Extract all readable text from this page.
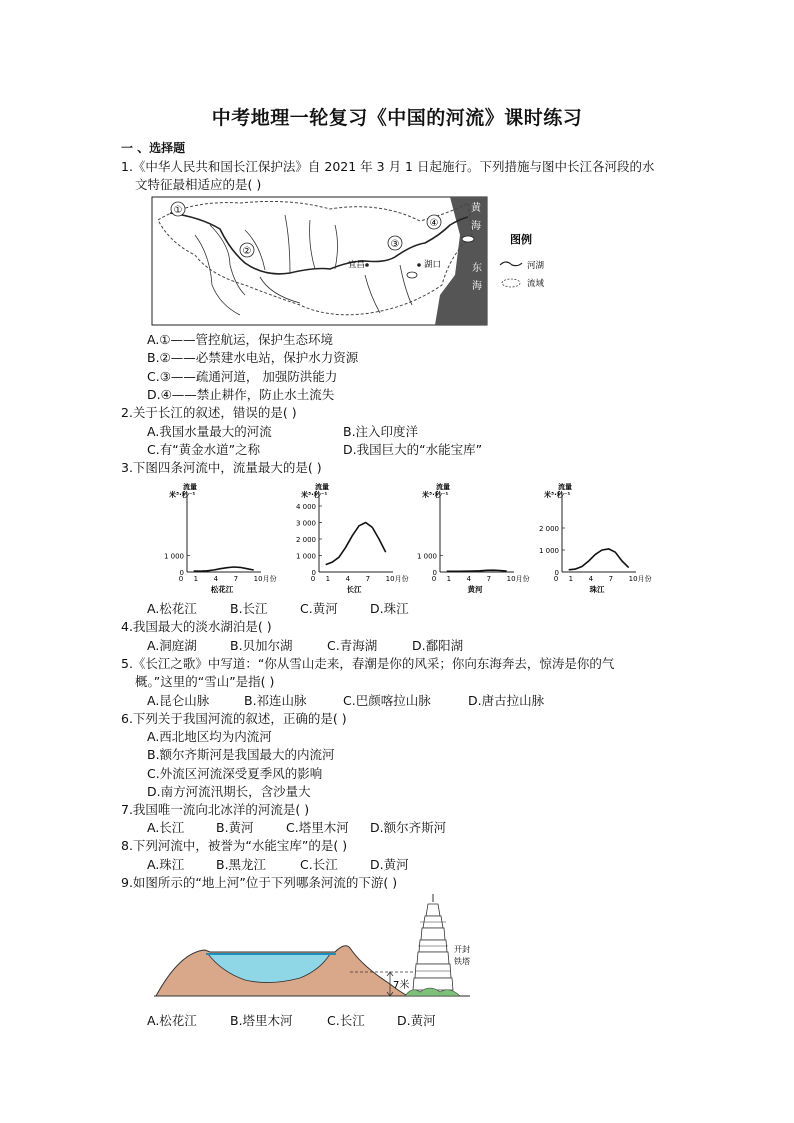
中考地理一轮复习《中国的河流》课时练习
一 、选择题
1.《中华人民共和国长江保护法》自 2021 年 3 月 1 日起施行。下列措施与图中长江各河段的水
文特征最相适应的是( )
①
②
③
④
宜昌	湖口
黄
海
东
海
图例
河湖
流域
A.①——管控航运，保护生态环境
B.②——必禁建水电站，保护水力资源
C.③——疏通河道， 加强防洪能力
D.④——禁止耕作，防止水土流失
2.关于长江的叙述，错误的是( )
A.我国水量最大的河流	B.注入印度洋
C.有“黄金水道”之称	D.我国巨大的“水能宝库”
3.下图四条河流中，流量最大的是( )
流量
米³·秒⁻¹
1 000
0
0 1 4 7 10月份
松花江
流量
米³·秒⁻¹
4 000
3 000
2 000
1 000
0
0 1 4 7 10月份
长江
流量
米³·秒⁻¹
1 000
0
0 1 4 7 10月份
黄河
流量
米³·秒⁻¹
2 000
1 000
0
0 1 4 7 10月份
珠江
A.松花江	B.长江	C.黄河	D.珠江
4.我国最大的淡水湖泊是( )
A.洞庭湖	B.贝加尔湖	C.青海湖	D.鄱阳湖
5.《长江之歌》中写道：“你从雪山走来，春潮是你的风采；你向东海奔去，惊涛是你的气
概。”这里的“雪山”是指( )
A.昆仑山脉	B.祁连山脉	C.巴颜喀拉山脉	D.唐古拉山脉
6.下列关于我国河流的叙述，正确的是( )
A.西北地区均为内流河
B.额尔齐斯河是我国最大的内流河
C.外流区河流深受夏季风的影响
D.南方河流汛期长，含沙量大
7.我国唯一流向北冰洋的河流是( )
A.长江	B.黄河	C.塔里木河 D.额尔齐斯河
8.下列河流中，被誉为“水能宝库”的是( )
A.珠江	B.黑龙江	C.长江	D.黄河
9.如图所示的“地上河”位于下列哪条河流的下游( )
7米
开 封
铁 塔
A.松花江	B.塔里木河	C.长江	D.黄河
